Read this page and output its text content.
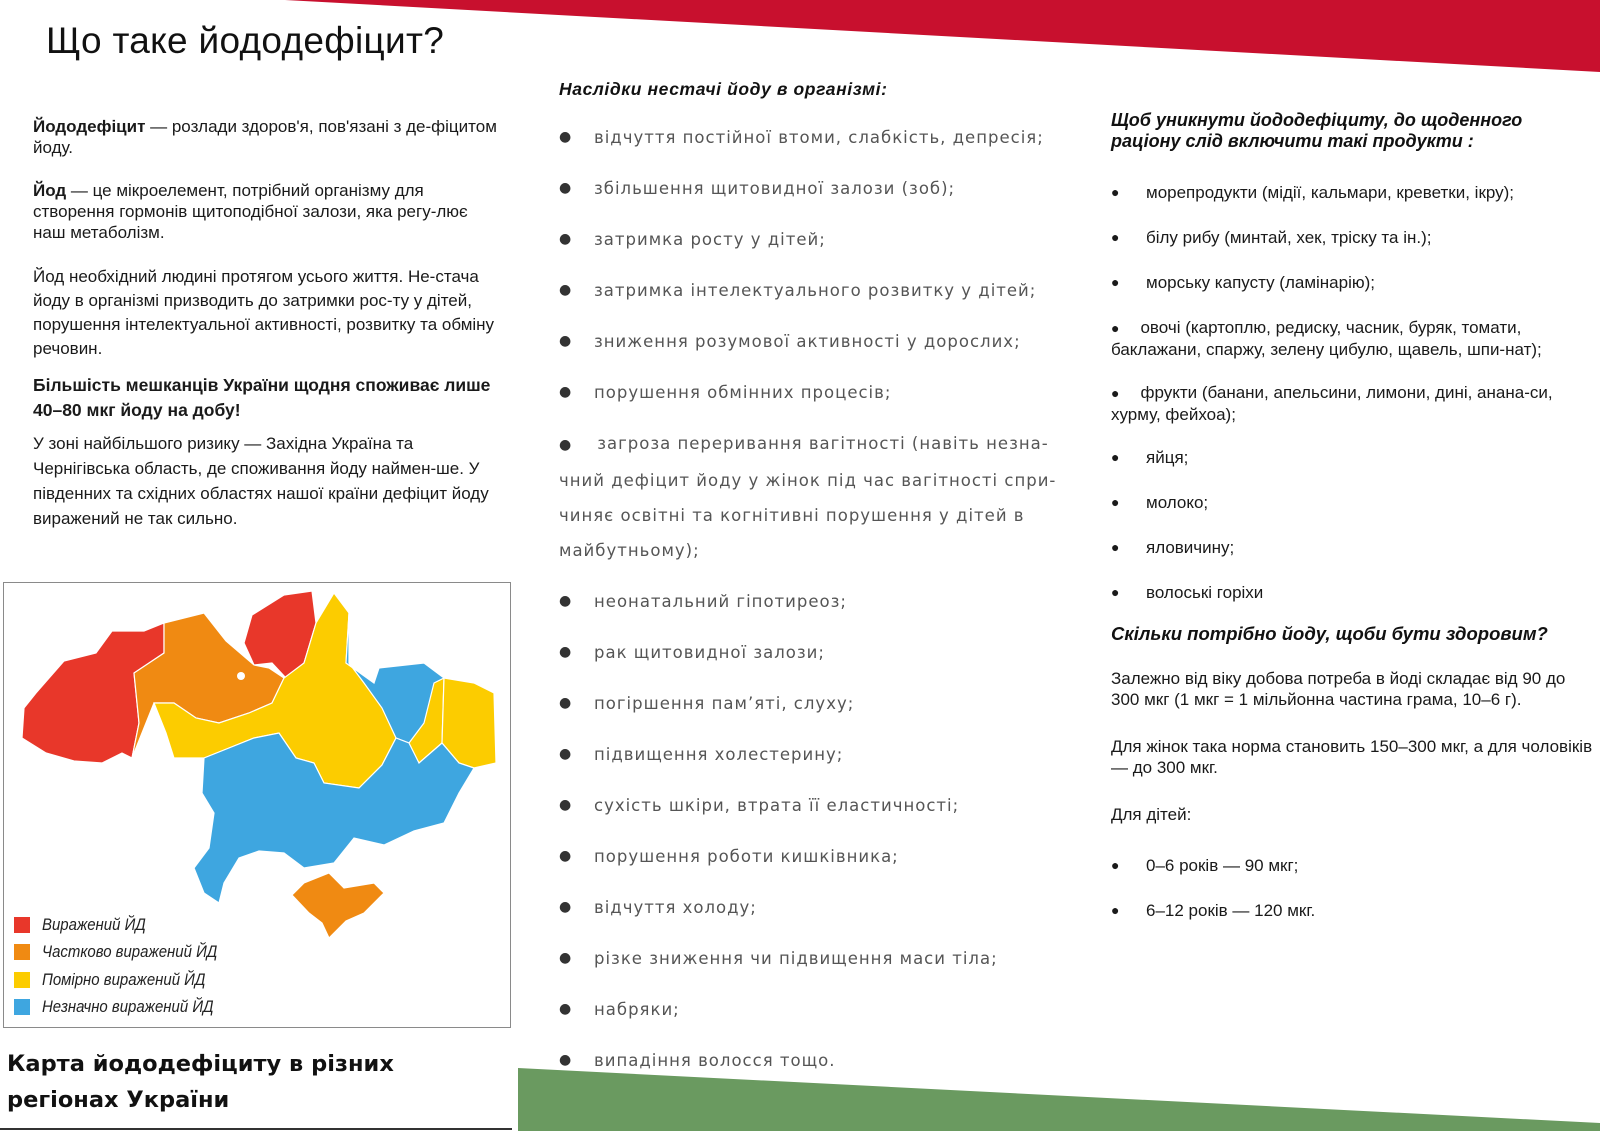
Що таке йододефіцит?

Йододефіцит — розлади здоров'я, пов'язані з де-фіцитом йоду.

Йод — це мікроелемент, потрібний організму для створення гормонів щитоподібної залози, яка регу-лює наш метаболізм.

Йод необхідний людині протягом усього життя. Не-стача йоду в організмі призводить до затримки рос-ту у дітей, порушення інтелектуальної активності, розвитку та обміну речовин.

Більшість мешканців України щодня споживає лише 40–80 мкг йоду на добу!

У зоні найбільшого ризику — Західна Україна та Чернігівська область, де споживання йоду наймен-ше. У південних та східних областях нашої країни дефіцит йоду виражений не так сильно.

Виражений ЙД
Частково виражений ЙД
Помірно виражений ЙД
Незначно виражений ЙД
Карта йододефіциту в різних регіонах України
Наслідки нестачі йоду в організмі:
● відчуття постійної втоми, слабкість, депресія;
● збільшення щитовидної залози (зоб);
● затримка росту у дітей;
● затримка інтелектуального розвитку у дітей;
● зниження розумової активності у дорослих;
● порушення обмінних процесів;
● загроза переривання вагітності (навіть незна-чний дефіцит йоду у жінок під час вагітності спри-чиняє освітні та когнітивні порушення у дітей в майбутньому);
● неонатальний гіпотиреоз;
● рак щитовидної залози;
● погіршення пам’яті, слуху;
● підвищення холестерину;
● сухість шкіри, втрата її еластичності;
● порушення роботи кишківника;
● відчуття холоду;
● різке зниження чи підвищення маси тіла;
● набряки;
● випадіння волосся тощо.
Щоб уникнути йододефіциту, до щоденного раціону слід включити такі продукти :
● морепродукти (мідії, кальмари, креветки, ікру);
● білу рибу (минтай, хек, тріску та ін.);
● морську капусту (ламінарію);
● овочі (картоплю, редиску, часник, буряк, томати, баклажани, спаржу, зелену цибулю, щавель, шпи-нат);
● фрукти (банани, апельсини, лимони, дині, анана-си, хурму, фейхоа);
● яйця;
● молоко;
● яловичину;
● волоські горіхи
Скільки потрібно йоду, щоби бути здоровим?

Залежно від віку добова потреба в йоді складає від 90 до 300 мкг (1 мкг = 1 мільйонна частина грама, 10–6 г).

Для жінок така норма становить 150–300 мкг, а для чоловіків — до 300 мкг.

Для дітей:

● 0–6 років — 90 мкг;
● 6–12 років — 120 мкг.
